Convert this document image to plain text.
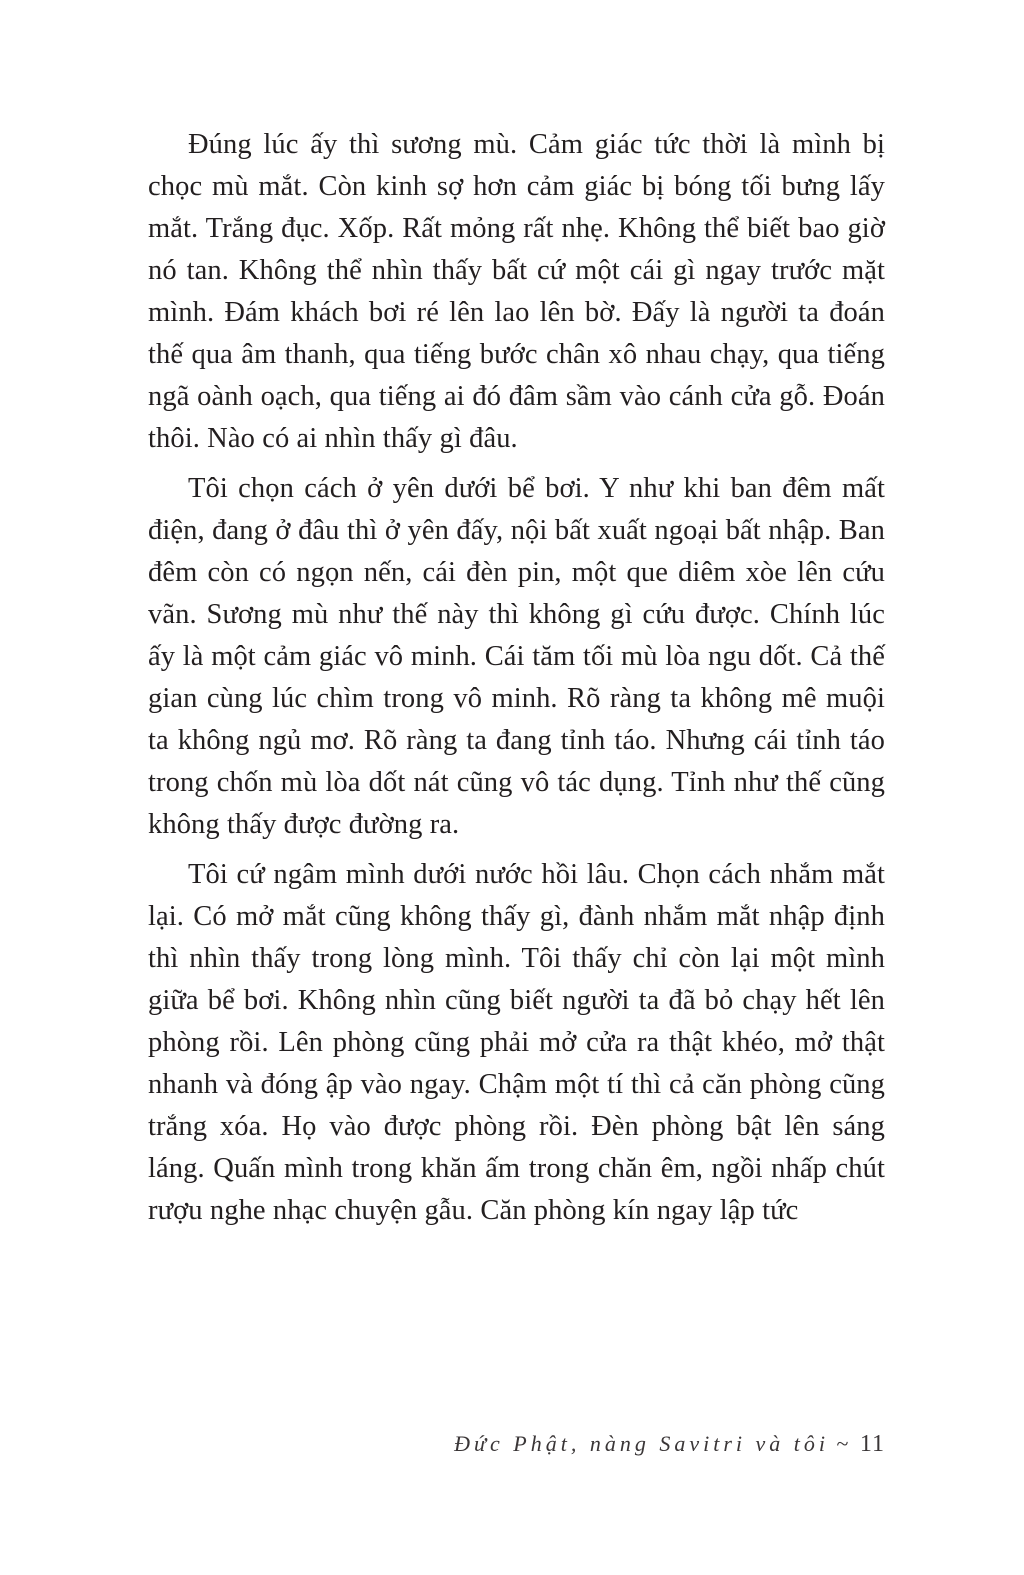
Đúng lúc ấy thì sương mù. Cảm giác tức thời là mình bị chọc mù mắt. Còn kinh sợ hơn cảm giác bị bóng tối bưng lấy mắt. Trắng đục. Xốp. Rất mỏng rất nhẹ. Không thể biết bao giờ nó tan. Không thể nhìn thấy bất cứ một cái gì ngay trước mặt mình. Đám khách bơi ré lên lao lên bờ. Đấy là người ta đoán thế qua âm thanh, qua tiếng bước chân xô nhau chạy, qua tiếng ngã oành oạch, qua tiếng ai đó đâm sầm vào cánh cửa gỗ. Đoán thôi. Nào có ai nhìn thấy gì đâu.

Tôi chọn cách ở yên dưới bể bơi. Y như khi ban đêm mất điện, đang ở đâu thì ở yên đấy, nội bất xuất ngoại bất nhập. Ban đêm còn có ngọn nến, cái đèn pin, một que diêm xòe lên cứu vãn. Sương mù như thế này thì không gì cứu được. Chính lúc ấy là một cảm giác vô minh. Cái tăm tối mù lòa ngu dốt. Cả thế gian cùng lúc chìm trong vô minh. Rõ ràng ta không mê muội ta không ngủ mơ. Rõ ràng ta đang tỉnh táo. Nhưng cái tỉnh táo trong chốn mù lòa dốt nát cũng vô tác dụng. Tỉnh như thế cũng không thấy được đường ra.

Tôi cứ ngâm mình dưới nước hồi lâu. Chọn cách nhắm mắt lại. Có mở mắt cũng không thấy gì, đành nhắm mắt nhập định thì nhìn thấy trong lòng mình. Tôi thấy chỉ còn lại một mình giữa bể bơi. Không nhìn cũng biết người ta đã bỏ chạy hết lên phòng rồi. Lên phòng cũng phải mở cửa ra thật khéo, mở thật nhanh và đóng ập vào ngay. Chậm một tí thì cả căn phòng cũng trắng xóa. Họ vào được phòng rồi. Đèn phòng bật lên sáng láng. Quấn mình trong khăn ấm trong chăn êm, ngồi nhấp chút rượu nghe nhạc chuyện gẫu. Căn phòng kín ngay lập tức

Đức Phật, nàng Savitri và tôi ~ 11
